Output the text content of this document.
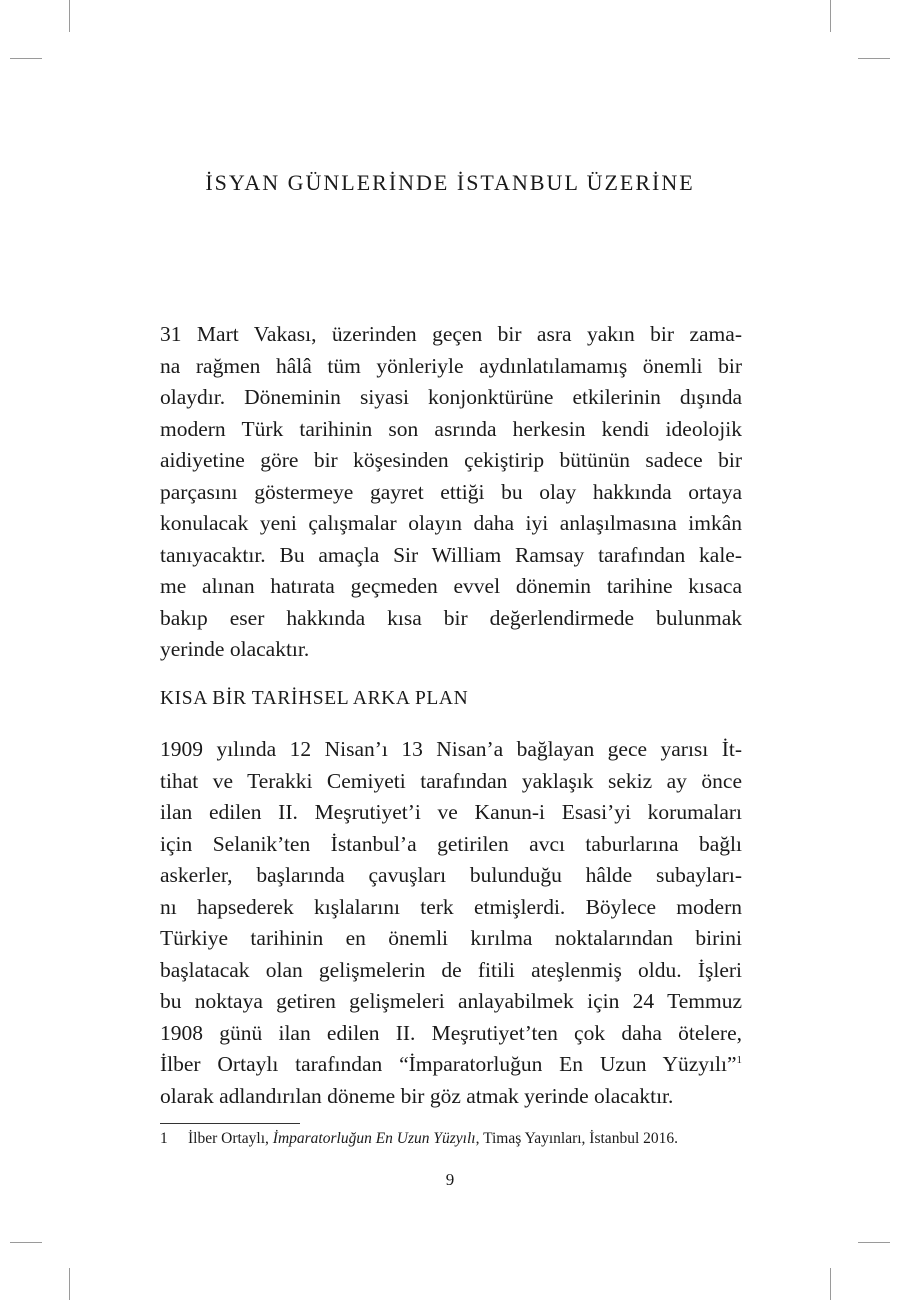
İSYAN GÜNLERİNDE İSTANBUL ÜZERİNE
31 Mart Vakası, üzerinden geçen bir asra yakın bir zama-
na rağmen hâlâ tüm yönleriyle aydınlatılamamış önemli bir
olaydır. Döneminin siyasi konjonktürüne etkilerinin dışında
modern Türk tarihinin son asrında herkesin kendi ideolojik
aidiyetine göre bir köşesinden çekiştirip bütünün sadece bir
parçasını göstermeye gayret ettiği bu olay hakkında ortaya
konulacak yeni çalışmalar olayın daha iyi anlaşılmasına imkân
tanıyacaktır. Bu amaçla Sir William Ramsay tarafından kale-
me alınan hatırata geçmeden evvel dönemin tarihine kısaca
bakıp eser hakkında kısa bir değerlendirmede bulunmak
yerinde olacaktır.
KISA BİR TARİHSEL ARKA PLAN
1909 yılında 12 Nisan’ı 13 Nisan’a bağlayan gece yarısı İt-
tihat ve Terakki Cemiyeti tarafından yaklaşık sekiz ay önce
ilan edilen II. Meşrutiyet’i ve Kanun-i Esasi’yi korumaları
için Selanik’ten İstanbul’a getirilen avcı taburlarına bağlı
askerler, başlarında çavuşları bulunduğu hâlde subayları-
nı hapsederek kışlalarını terk etmişlerdi. Böylece modern
Türkiye tarihinin en önemli kırılma noktalarından birini
başlatacak olan gelişmelerin de fitili ateşlenmiş oldu. İşleri
bu noktaya getiren gelişmeleri anlayabilmek için 24 Temmuz
1908 günü ilan edilen II. Meşrutiyet’ten çok daha ötelere,
İlber Ortaylı tarafından “İmparatorluğun En Uzun Yüzyılı”$^1$
olarak adlandırılan döneme bir göz atmak yerinde olacaktır.
1 İlber Ortaylı, İmparatorluğun En Uzun Yüzyılı, Timaş Yayınları, İstanbul 2016.
9
